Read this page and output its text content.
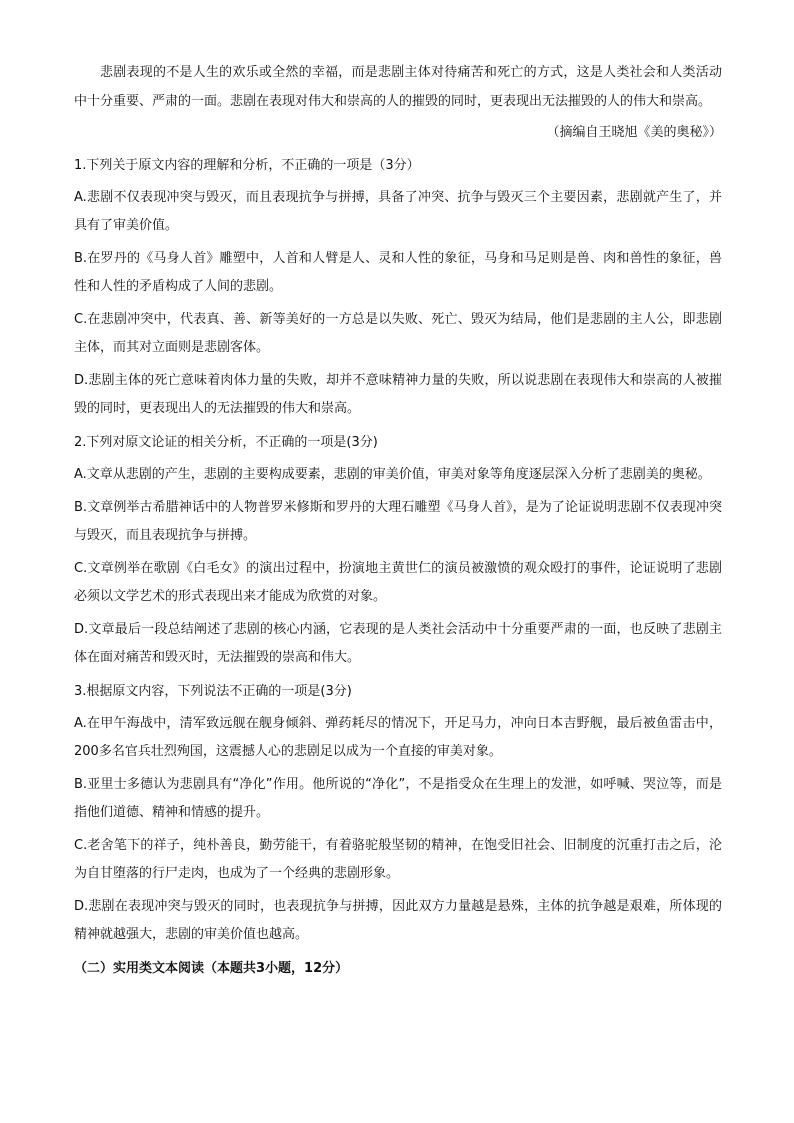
悲剧表现的不是人生的欢乐或全然的幸福，而是悲剧主体对待痛苦和死亡的方式，这是人类社会和人类活动中十分重要、严肃的一面。悲剧在表现对伟大和崇高的人的摧毁的同时，更表现出无法摧毁的人的伟大和崇高。

（摘编自王晓旭《美的奥秘》）

1.下列关于原文内容的理解和分析，不正确的一项是（3分）

A.悲剧不仅表现冲突与毁灭，而且表现抗争与拼搏，具备了冲突、抗争与毁灭三个主要因素，悲剧就产生了，并具有了审美价值。

B.在罗丹的《马身人首》雕塑中，人首和人臂是人、灵和人性的象征，马身和马足则是兽、肉和兽性的象征，兽性和人性的矛盾构成了人间的悲剧。

C.在悲剧冲突中，代表真、善、新等美好的一方总是以失败、死亡、毁灭为结局，他们是悲剧的主人公，即悲剧主体，而其对立面则是悲剧客体。

D.悲剧主体的死亡意味着肉体力量的失败，却并不意味精神力量的失败，所以说悲剧在表现伟大和崇高的人被摧毁的同时，更表现出人的无法摧毁的伟大和崇高。

2.下列对原文论证的相关分析，不正确的一项是(3分)

A.文章从悲剧的产生，悲剧的主要构成要素，悲剧的审美价值，审美对象等角度逐层深入分析了悲剧美的奥秘。

B.文章例举古希腊神话中的人物普罗米修斯和罗丹的大理石雕塑《马身人首》，是为了论证说明悲剧不仅表现冲突与毁灭，而且表现抗争与拼搏。

C.文章例举在歌剧《白毛女》的演出过程中，扮演地主黄世仁的演员被激愤的观众殴打的事件，论证说明了悲剧必须以文学艺术的形式表现出来才能成为欣赏的对象。

D.文章最后一段总结阐述了悲剧的核心内涵，它表现的是人类社会活动中十分重要严肃的一面，也反映了悲剧主体在面对痛苦和毁灭时，无法摧毁的崇高和伟大。

3.根据原文内容，下列说法不正确的一项是(3分)

A.在甲午海战中，清军致远舰在舰身倾斜、弹药耗尽的情况下，开足马力，冲向日本吉野舰，最后被鱼雷击中，200多名官兵壮烈殉国，这震撼人心的悲剧足以成为一个直接的审美对象。

B.亚里士多德认为悲剧具有“净化”作用。他所说的“净化”，不是指受众在生理上的发泄，如呼喊、哭泣等，而是指他们道德、精神和情感的提升。

C.老舍笔下的祥子，纯朴善良，勤劳能干，有着骆驼般坚韧的精神，在饱受旧社会、旧制度的沉重打击之后，沦为自甘堕落的行尸走肉，也成为了一个经典的悲剧形象。

D.悲剧在表现冲突与毁灭的同时，也表现抗争与拼搏，因此双方力量越是悬殊，主体的抗争越是艰难，所体现的精神就越强大，悲剧的审美价值也越高。

（二）实用类文本阅读（本题共3小题，12分）
